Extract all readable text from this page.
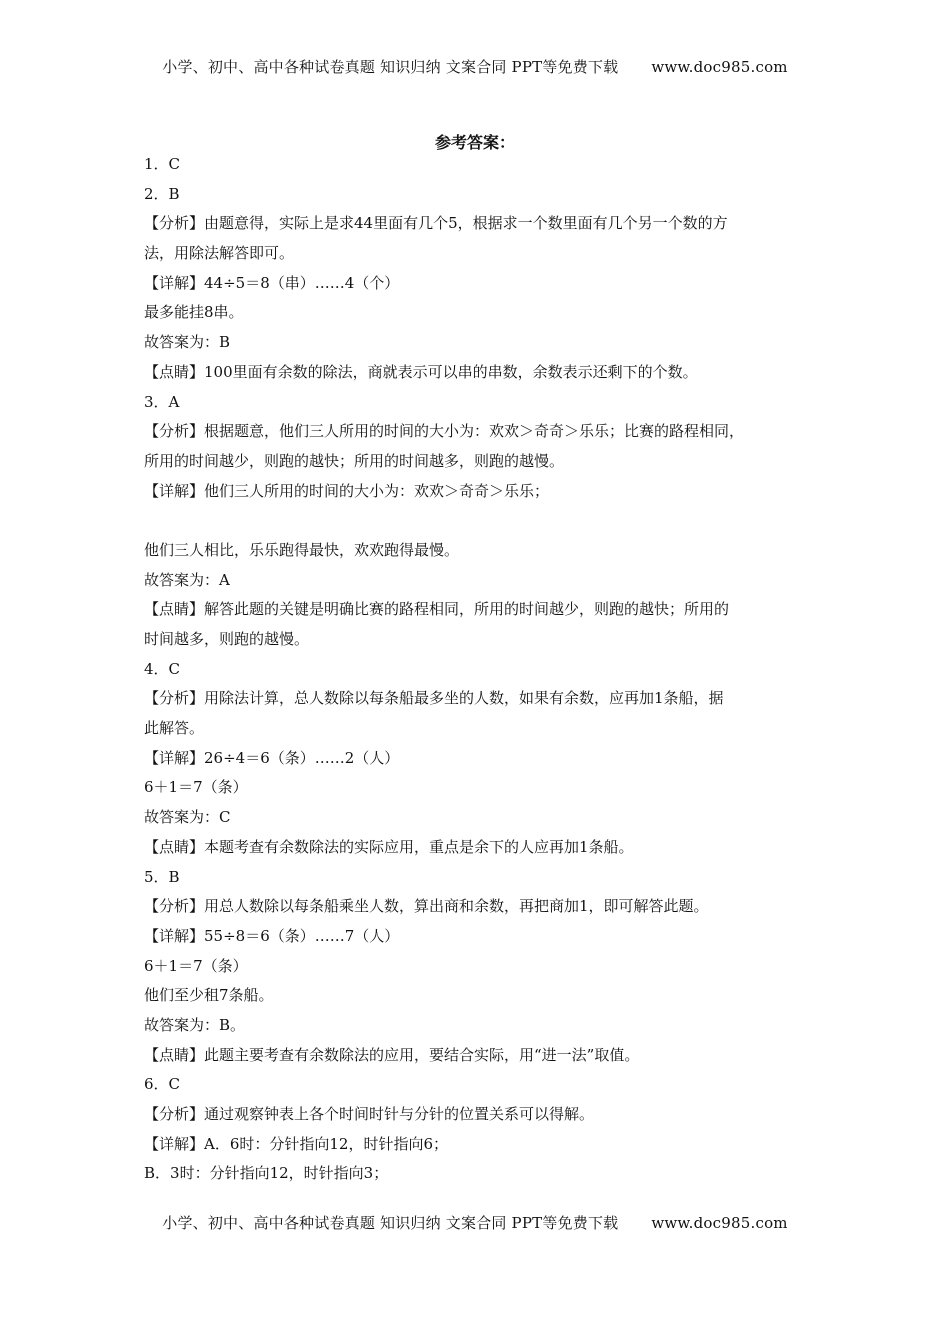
小学、初中、高中各种试卷真题 知识归纳 文案合同 PPT等免费下载 www.doc985.com
参考答案：
1．C
2．B
【分析】由题意得，实际上是求44里面有几个5，根据求一个数里面有几个另一个数的方
法，用除法解答即可。
【详解】44÷5＝8（串）……4（个）
最多能挂8串。
故答案为：B
【点睛】100里面有余数的除法，商就表示可以串的串数，余数表示还剩下的个数。
3．A
【分析】根据题意，他们三人所用的时间的大小为：欢欢＞奇奇＞乐乐；比赛的路程相同，
所用的时间越少，则跑的越快；所用的时间越多，则跑的越慢。
【详解】他们三人所用的时间的大小为：欢欢＞奇奇＞乐乐；
他们三人相比，乐乐跑得最快，欢欢跑得最慢。
故答案为：A
【点睛】解答此题的关键是明确比赛的路程相同，所用的时间越少，则跑的越快；所用的
时间越多，则跑的越慢。
4．C
【分析】用除法计算，总人数除以每条船最多坐的人数，如果有余数，应再加1条船，据
此解答。
【详解】26÷4＝6（条）……2（人）
6＋1＝7（条）
故答案为：C
【点睛】本题考查有余数除法的实际应用，重点是余下的人应再加1条船。
5．B
【分析】用总人数除以每条船乘坐人数，算出商和余数，再把商加1，即可解答此题。
【详解】55÷8＝6（条）……7（人）
6＋1＝7（条）
他们至少租7条船。
故答案为：B。
【点睛】此题主要考查有余数除法的应用，要结合实际，用“进一法”取值。
6．C
【分析】通过观察钟表上各个时间时针与分针的位置关系可以得解。
【详解】A．6时：分针指向12，时针指向6；
B．3时：分针指向12，时针指向3；
小学、初中、高中各种试卷真题 知识归纳 文案合同 PPT等免费下载 www.doc985.com
